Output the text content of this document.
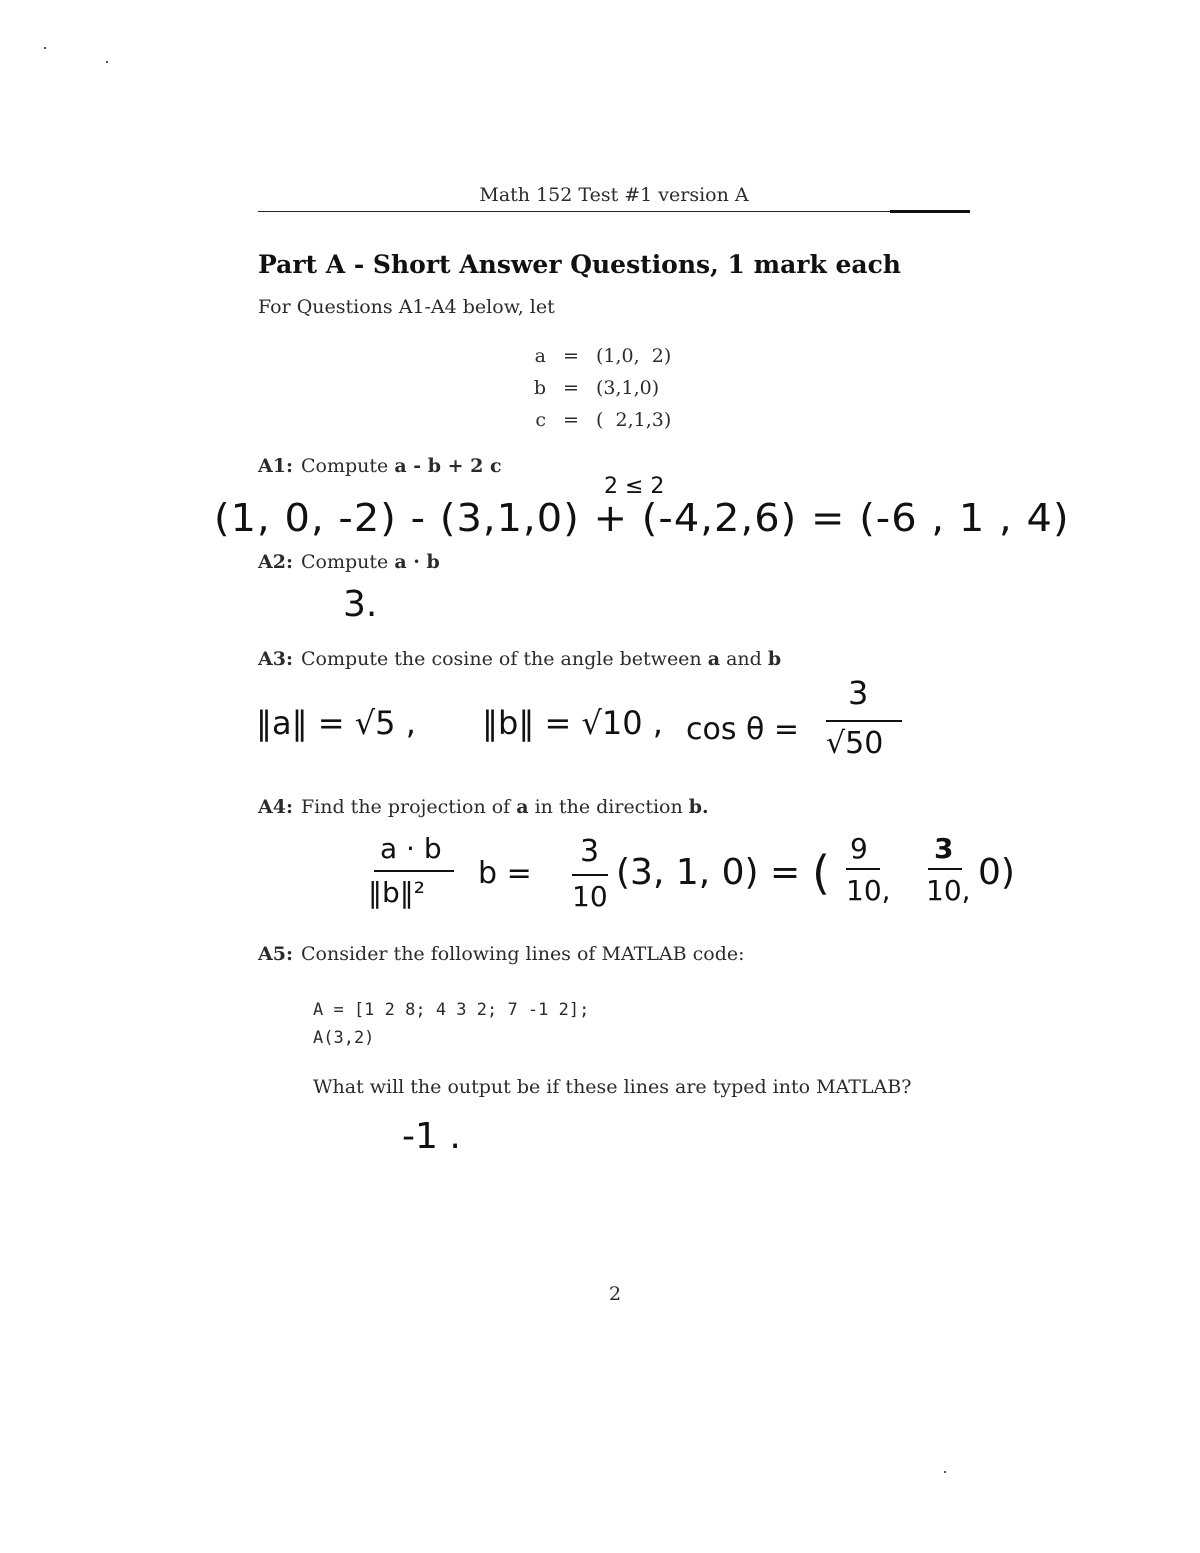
Math 152 Test #1 version A
Part A - Short Answer Questions, 1 mark each
For Questions A1-A4 below, let
a	=	(1,0,  2)
b	=	(3,1,0)
c	=	(  2,1,3)
A1: Compute a - b + 2 c
2 ≤ 2
(1, 0, -2) - (3,1,0) + (-4,2,6) = (-6 , 1 , 4)
A2: Compute a · b
3.
A3: Compute the cosine of the angle between a and b
‖a‖ = √5 , ‖b‖ = √10 , cos θ =
3
√50
A4: Find the projection of a in the direction b.
a · b
‖b‖²
b =
3
10
(3, 1, 0) = ( 9
10,
3
10, 0)
A5: Consider the following lines of MATLAB code:
A = [1 2 8; 4 3 2; 7 -1 2];
A(3,2)
What will the output be if these lines are typed into MATLAB?
-1 .
2
